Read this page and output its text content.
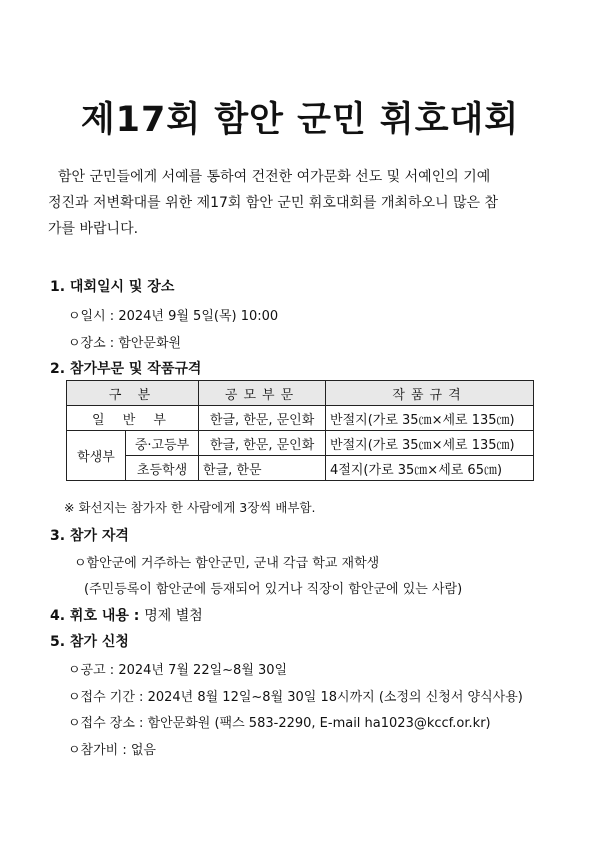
제17회 함안 군민 휘호대회
함안 군민들에게 서예를 통하여 건전한 여가문화 선도 및 서예인의 기예
정진과 저변확대를 위한 제17회 함안 군민 휘호대회를 개최하오니 많은 참
가를 바랍니다.
1. 대회일시 및 장소
ㅇ일시 : 2024년 9월 5일(목) 10:00
ㅇ장소 : 함안문화원
2. 참가부문 및 작품규격
구 분		공모부문	작품규격
일 반 부		한글, 한문, 문인화	반절지(가로 35㎝×세로 135㎝)
학생부	중·고등부	한글, 한문, 문인화	반절지(가로 35㎝×세로 135㎝)
	초등학생	한글, 한문	4절지(가로 35㎝×세로 65㎝)
※ 화선지는 참가자 한 사람에게 3장씩 배부함.
3. 참가 자격
ㅇ함안군에 거주하는 함안군민, 군내 각급 학교 재학생
(주민등록이 함안군에 등재되어 있거나 직장이 함안군에 있는 사람)
4. 휘호 내용 : 명제 별첨
5. 참가 신청
ㅇ공고 : 2024년 7월 22일~8월 30일
ㅇ접수 기간 : 2024년 8월 12일~8월 30일 18시까지 (소정의 신청서 양식사용)
ㅇ접수 장소 : 함안문화원 (팩스 583-2290, E-mail ha1023@kccf.or.kr)
ㅇ참가비 : 없음
